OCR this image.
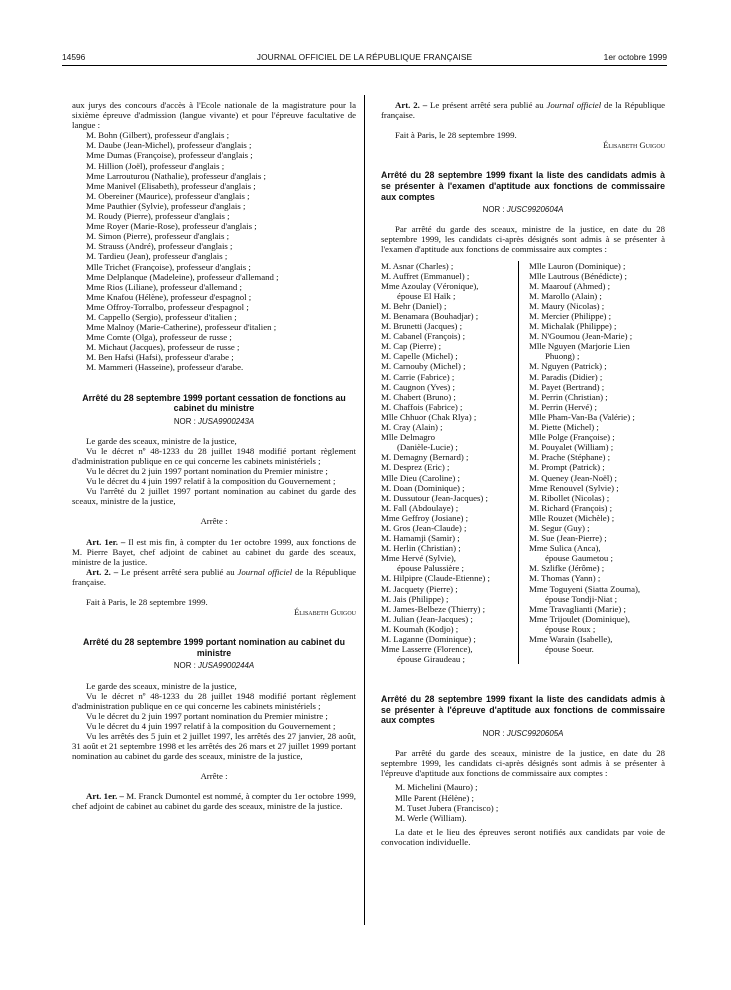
14596	JOURNAL OFFICIEL DE LA RÉPUBLIQUE FRANÇAISE	1er octobre 1999

aux jurys des concours d'accès à l'Ecole nationale de la magistrature pour la sixième épreuve d'admission (langue vivante) et pour l'épreuve facultative de langue :

M. Bohn (Gilbert), professeur d'anglais ;

M. Daube (Jean-Michel), professeur d'anglais ;

Mme Dumas (Françoise), professeur d'anglais ;

M. Hillion (Joël), professeur d'anglais ;

Mme Larrouturou (Nathalie), professeur d'anglais ;

Mme Manivel (Elisabeth), professeur d'anglais ;

M. Obereiner (Maurice), professeur d'anglais ;

Mme Pauthier (Sylvie), professeur d'anglais ;

M. Roudy (Pierre), professeur d'anglais ;

Mme Royer (Marie-Rose), professeur d'anglais ;

M. Simon (Pierre), professeur d'anglais ;

M. Strauss (André), professeur d'anglais ;

M. Tardieu (Jean), professeur d'anglais ;

Mlle Trichet (Françoise), professeur d'anglais ;

Mme Delplanque (Madeleine), professeur d'allemand ;

Mme Rios (Liliane), professeur d'allemand ;

Mme Knafou (Hélène), professeur d'espagnol ;

Mme Offroy-Torralbo, professeur d'espagnol ;

M. Cappello (Sergio), professeur d'italien ;

Mme Malnoy (Marie-Catherine), professeur d'italien ;

Mme Comte (Olga), professeur de russe ;

M. Michaut (Jacques), professeur de russe ;

M. Ben Hafsi (Hafsi), professeur d'arabe ;

M. Mammeri (Hasseine), professeur d'arabe.

Arrêté du 28 septembre 1999 portant cessation de fonctions au cabinet du ministre
NOR : JUSA9900243A

Le garde des sceaux, ministre de la justice,

Vu le décret nº 48-1233 du 28 juillet 1948 modifié portant règlement d'administration publique en ce qui concerne les cabinets ministériels ;

Vu le décret du 2 juin 1997 portant nomination du Premier ministre ;

Vu le décret du 4 juin 1997 relatif à la composition du Gouvernement ;

Vu l'arrêté du 2 juillet 1997 portant nomination au cabinet du garde des sceaux, ministre de la justice,

Arrête :

Art. 1er. – Il est mis fin, à compter du 1er octobre 1999, aux fonctions de M. Pierre Bayet, chef adjoint de cabinet au cabinet du garde des sceaux, ministre de la justice.

Art. 2. – Le présent arrêté sera publié au Journal officiel de la République française.

Fait à Paris, le 28 septembre 1999.

Élisabeth Guigou

Arrêté du 28 septembre 1999 portant nomination au cabinet du ministre
NOR : JUSA9900244A

Le garde des sceaux, ministre de la justice,

Vu le décret nº 48-1233 du 28 juillet 1948 modifié portant règlement d'administration publique en ce qui concerne les cabinets ministériels ;

Vu le décret du 2 juin 1997 portant nomination du Premier ministre ;

Vu le décret du 4 juin 1997 relatif à la composition du Gouvernement ;

Vu les arrêtés des 5 juin et 2 juillet 1997, les arrêtés des 27 janvier, 28 août, 31 août et 21 septembre 1998 et les arrêtés des 26 mars et 27 juillet 1999 portant nomination au cabinet du garde des sceaux, ministre de la justice,

Arrête :

Art. 1er. – M. Franck Dumontel est nommé, à compter du 1er octobre 1999, chef adjoint de cabinet au cabinet du garde des sceaux, ministre de la justice.

Art. 2. – Le présent arrêté sera publié au Journal officiel de la République française.

Fait à Paris, le 28 septembre 1999.

Élisabeth Guigou

Arrêté du 28 septembre 1999 fixant la liste des candidats admis à se présenter à l'examen d'aptitude aux fonctions de commissaire aux comptes
NOR : JUSC9920604A

Par arrêté du garde des sceaux, ministre de la justice, en date du 28 septembre 1999, les candidats ci-après désignés sont admis à se présenter à l'examen d'aptitude aux fonctions de commissaire aux comptes :

M. Asnar (Charles) ;

M. Auffret (Emmanuel) ;

Mme Azoulay (Véronique),

épouse El Haïk ;

M. Behr (Daniel) ;

M. Benamara (Bouhadjar) ;

M. Brunetti (Jacques) ;

M. Cabanel (François) ;

M. Cap (Pierre) ;

M. Capelle (Michel) ;

M. Carnouby (Michel) ;

M. Carrie (Fabrice) ;

M. Caugnon (Yves) ;

M. Chabert (Bruno) ;

M. Chaffois (Fabrice) ;

Mlle Chhuor (Chak Rlya) ;

M. Cray (Alain) ;

Mlle Delmagro

(Danièle-Lucie) ;

M. Demagny (Bernard) ;

M. Desprez (Eric) ;

Mlle Dieu (Caroline) ;

M. Doan (Dominique) ;

M. Dussutour (Jean-Jacques) ;

M. Fall (Abdoulaye) ;

Mme Geffroy (Josiane) ;

M. Gros (Jean-Claude) ;

M. Hamamji (Samir) ;

M. Herlin (Christian) ;

Mme Hervé (Sylvie),

épouse Palussière ;

M. Hilpipre (Claude-Etienne) ;

M. Jacquety (Pierre) ;

M. Jais (Philippe) ;

M. James-Belbeze (Thierry) ;

M. Julian (Jean-Jacques) ;

M. Koumah (Kodjo) ;

M. Laganne (Dominique) ;

Mme Lasserre (Florence),

épouse Giraudeau ;

Mlle Lauron (Dominique) ;

Mlle Lautrous (Bénédicte) ;

M. Maarouf (Ahmed) ;

M. Marollo (Alain) ;

M. Maury (Nicolas) ;

M. Mercier (Philippe) ;

M. Michalak (Philippe) ;

M. N'Goumou (Jean-Marie) ;

Mlle Nguyen (Marjorie Lien

Phuong) ;

M. Nguyen (Patrick) ;

M. Paradis (Didier) ;

M. Payet (Bertrand) ;

M. Perrin (Christian) ;

M. Perrin (Hervé) ;

Mlle Pham-Van-Ba (Valérie) ;

M. Piette (Michel) ;

Mlle Polge (Françoise) ;

M. Pouyalet (William) ;

M. Prache (Stéphane) ;

M. Prompt (Patrick) ;

M. Queney (Jean-Noël) ;

Mme Renouvel (Sylvie) ;

M. Ribollet (Nicolas) ;

M. Richard (François) ;

Mlle Rouzet (Michèle) ;

M. Segur (Guy) ;

M. Sue (Jean-Pierre) ;

Mme Sulica (Anca),

épouse Gaumetou ;

M. Szlifke (Jérôme) ;

M. Thomas (Yann) ;

Mme Toguyeni (Siatta Zouma),

épouse Tondji-Niat ;

Mme Travaglianti (Marie) ;

Mme Trijoulet (Dominique),

épouse Roux ;

Mme Warain (Isabelle),

épouse Soeur.

Arrêté du 28 septembre 1999 fixant la liste des candidats admis à se présenter à l'épreuve d'aptitude aux fonctions de commissaire aux comptes
NOR : JUSC9920605A

Par arrêté du garde des sceaux, ministre de la justice, en date du 28 septembre 1999, les candidats ci-après désignés sont admis à se présenter à l'épreuve d'aptitude aux fonctions de commissaire aux comptes :

M. Michelini (Mauro) ;

Mlle Parent (Hélène) ;

M. Tuset Jubera (Francisco) ;

M. Werle (William).

La date et le lieu des épreuves seront notifiés aux candidats par voie de convocation individuelle.
